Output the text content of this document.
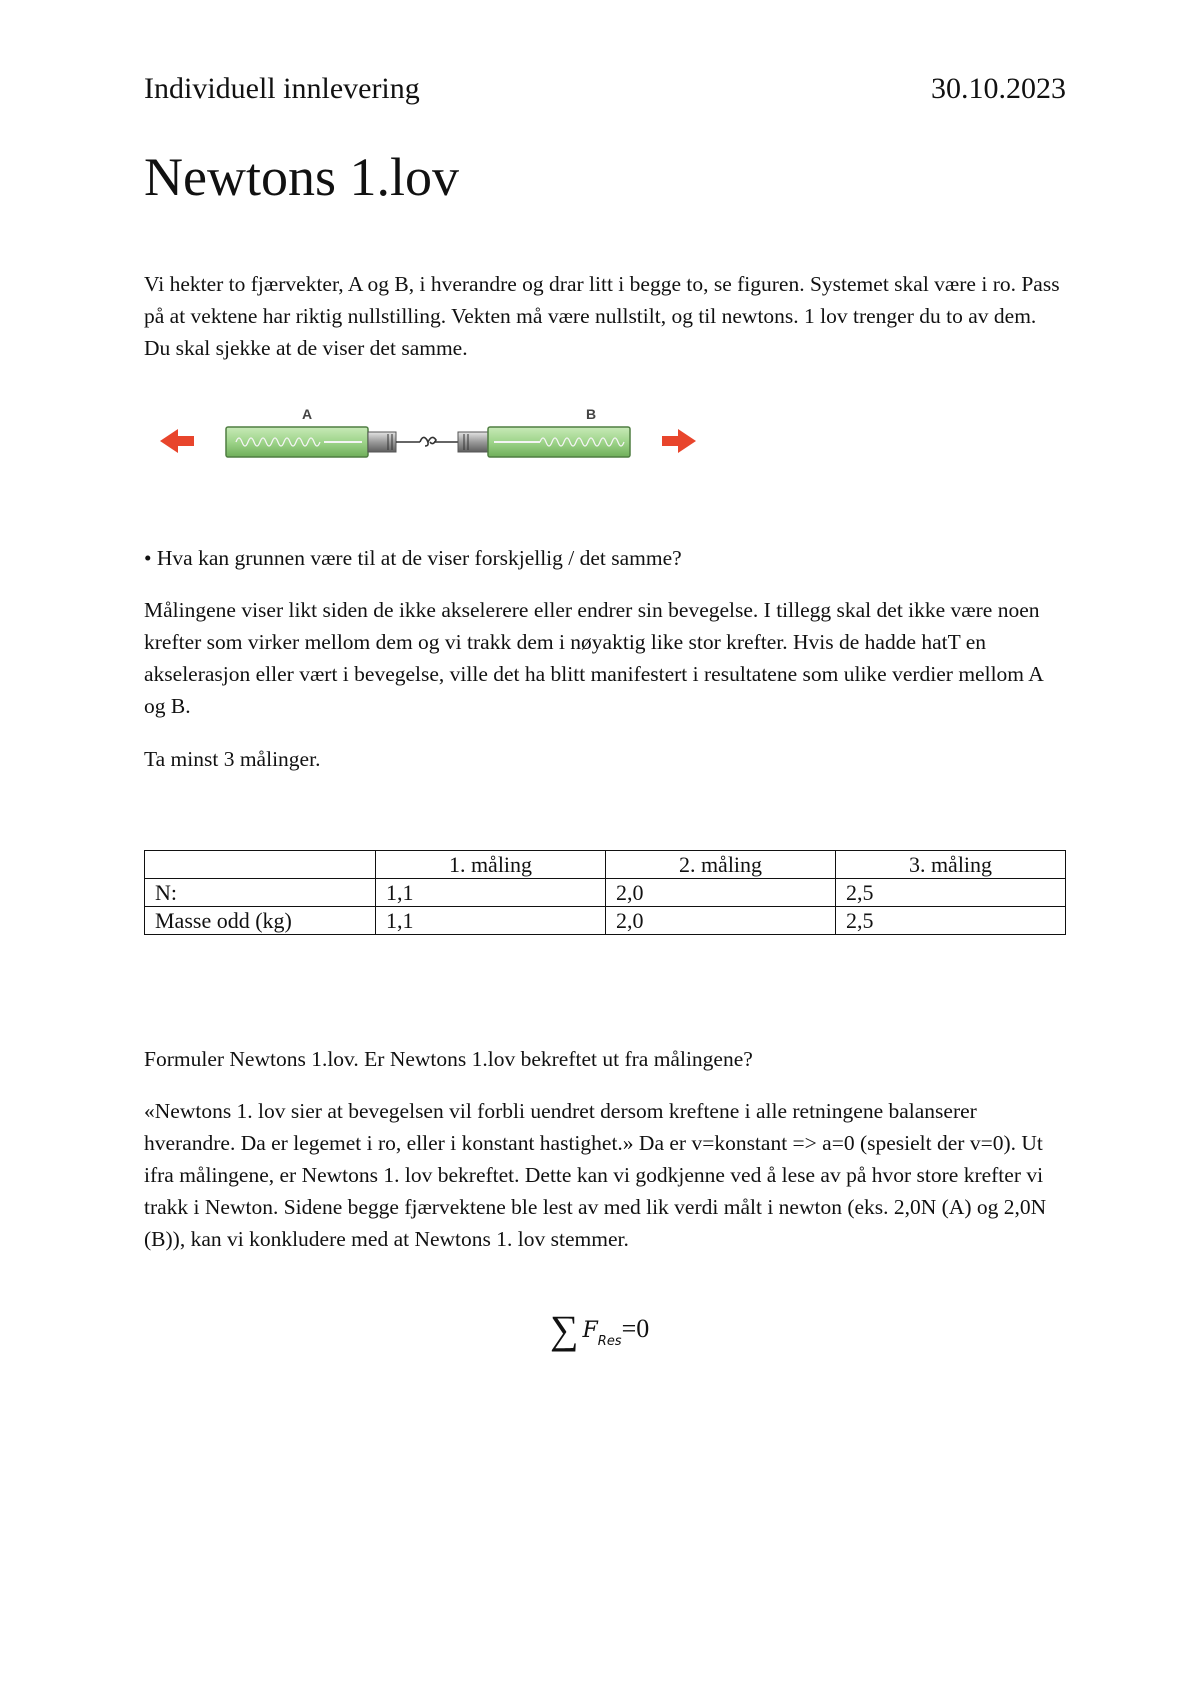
Individuell innlevering	30.10.2023
Newtons 1.lov

Vi hekter to fjærvekter, A og B, i hverandre og drar litt i begge to, se figuren. Systemet skal være i ro. Pass på at vektene har riktig nullstilling. Vekten må være nullstilt, og til newtons. 1 lov trenger du to av dem. Du skal sjekke at de viser det samme.

A	B

• Hva kan grunnen være til at de viser forskjellig / det samme?

Målingene viser likt siden de ikke akselerere eller endrer sin bevegelse. I tillegg skal det ikke være noen krefter som virker mellom dem og vi trakk dem i nøyaktig like stor krefter. Hvis de hadde hatT en akselerasjon eller vært i bevegelse, ville det ha blitt manifestert i resultatene som ulike verdier mellom A og B.

Ta minst 3 målinger.

	1. måling	2. måling	3. måling
N:	1,1	2,0	2,5
Masse odd (kg)	1,1	2,0	2,5

Formuler Newtons 1.lov. Er Newtons 1.lov bekreftet ut fra målingene?

«Newtons 1. lov sier at bevegelsen vil forbli uendret dersom kreftene i alle retningene balanserer hverandre. Da er legemet i ro, eller i konstant hastighet.» Da er v=konstant => a=0 (spesielt der v=0). Ut ifra målingene, er Newtons 1. lov bekreftet. Dette kan vi godkjenne ved å lese av på hvor store krefter vi trakk i Newton. Sidene begge fjærvektene ble lest av med lik verdi målt i newton (eks. 2,0N (A) og 2,0N (B)), kan vi konkludere med at Newtons 1. lov stemmer.

∑ $F_{Res}=0$
